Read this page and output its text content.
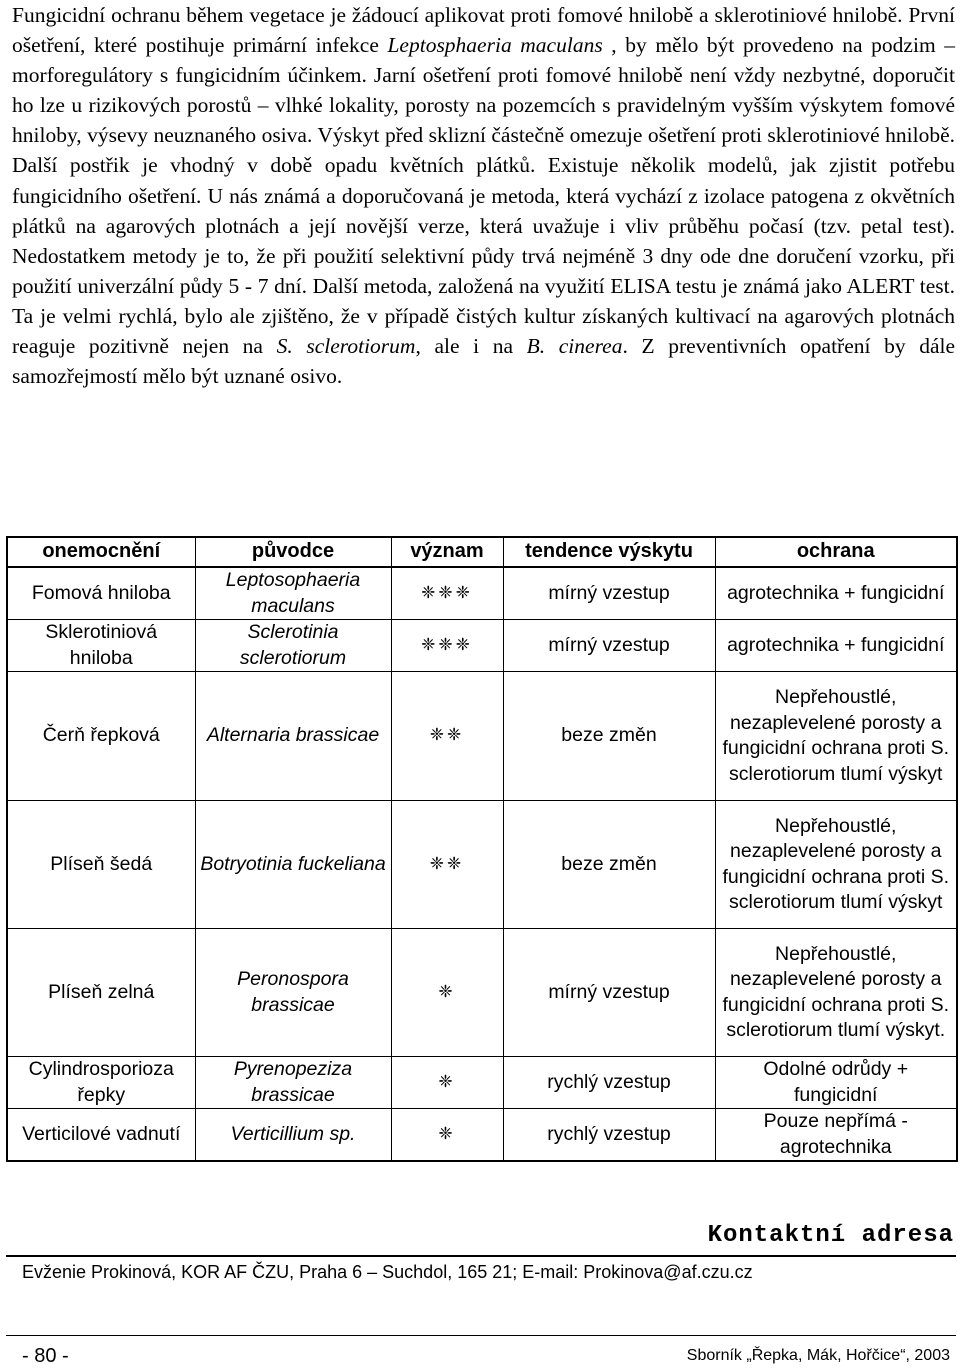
Fungicidní ochranu během vegetace je žádoucí aplikovat proti fomové hnilobě a sklerotiniové hnilobě. První ošetření, které postihuje primární infekce Leptosphaeria maculans , by mělo být provedeno na podzim – morforegulátory s fungicidním účinkem. Jarní ošetření proti fomové hnilobě není vždy nezbytné, doporučit ho lze u rizikových porostů – vlhké lokality, porosty na pozemcích s pravidelným vyšším výskytem fomové hniloby, výsevy neuznaného osiva. Výskyt před sklizní částečně omezuje ošetření proti sklerotiniové hnilobě. Další postřik je vhodný v době opadu květních plátků. Existuje několik modelů, jak zjistit potřebu fungicidního ošetření. U nás známá a doporučovaná je metoda, která vychází z izolace patogena z okvětních plátků na agarových plotnách a její novější verze, která uvažuje i vliv průběhu počasí (tzv. petal test). Nedostatkem metody je to, že při použití selektivní půdy trvá nejméně 3 dny ode dne doručení vzorku, při použití univerzální půdy 5 - 7 dní. Další metoda, založená na využití ELISA testu je známá jako ALERT test. Ta je velmi rychlá, bylo ale zjištěno, že v případě čistých kultur získaných kultivací na agarových plotnách reaguje pozitivně nejen na S. sclerotiorum, ale i na B. cinerea. Z preventivních opatření by dále samozřejmostí mělo být uznané osivo.

onemocnění	původce	význam	tendence výskytu	ochrana
Fomová hniloba	Leptosophaeria maculans	❈❈❈	mírný vzestup	agrotechnika + fungicidní
Sklerotiniová hniloba	Sclerotinia sclerotiorum	❈❈❈	mírný vzestup	agrotechnika + fungicidní
Čerň řepková	Alternaria brassicae	❈❈	beze změn	Nepřehoustlé, nezaplevelené porosty a fungicidní ochrana proti S. sclerotiorum tlumí výskyt
Plíseň šedá	Botryotinia fuckeliana	❈❈	beze změn	Nepřehoustlé, nezaplevelené porosty a fungicidní ochrana proti S. sclerotiorum tlumí výskyt
Plíseň zelná	Peronospora brassicae	❈	mírný vzestup	Nepřehoustlé, nezaplevelené porosty a fungicidní ochrana proti S. sclerotiorum tlumí výskyt.
Cylindrosporioza řepky	Pyrenopeziza brassicae	❈	rychlý vzestup	Odolné odrůdy + fungicidní
Verticilové vadnutí	Verticillium sp.	❈	rychlý vzestup	Pouze nepřímá - agrotechnika
Kontaktní adresa
Evženie Prokinová, KOR AF ČZU, Praha 6 – Suchdol, 165 21; E-mail: Prokinova@af.czu.cz
- 80 -	Sborník „Řepka, Mák, Hořčice“, 2003
